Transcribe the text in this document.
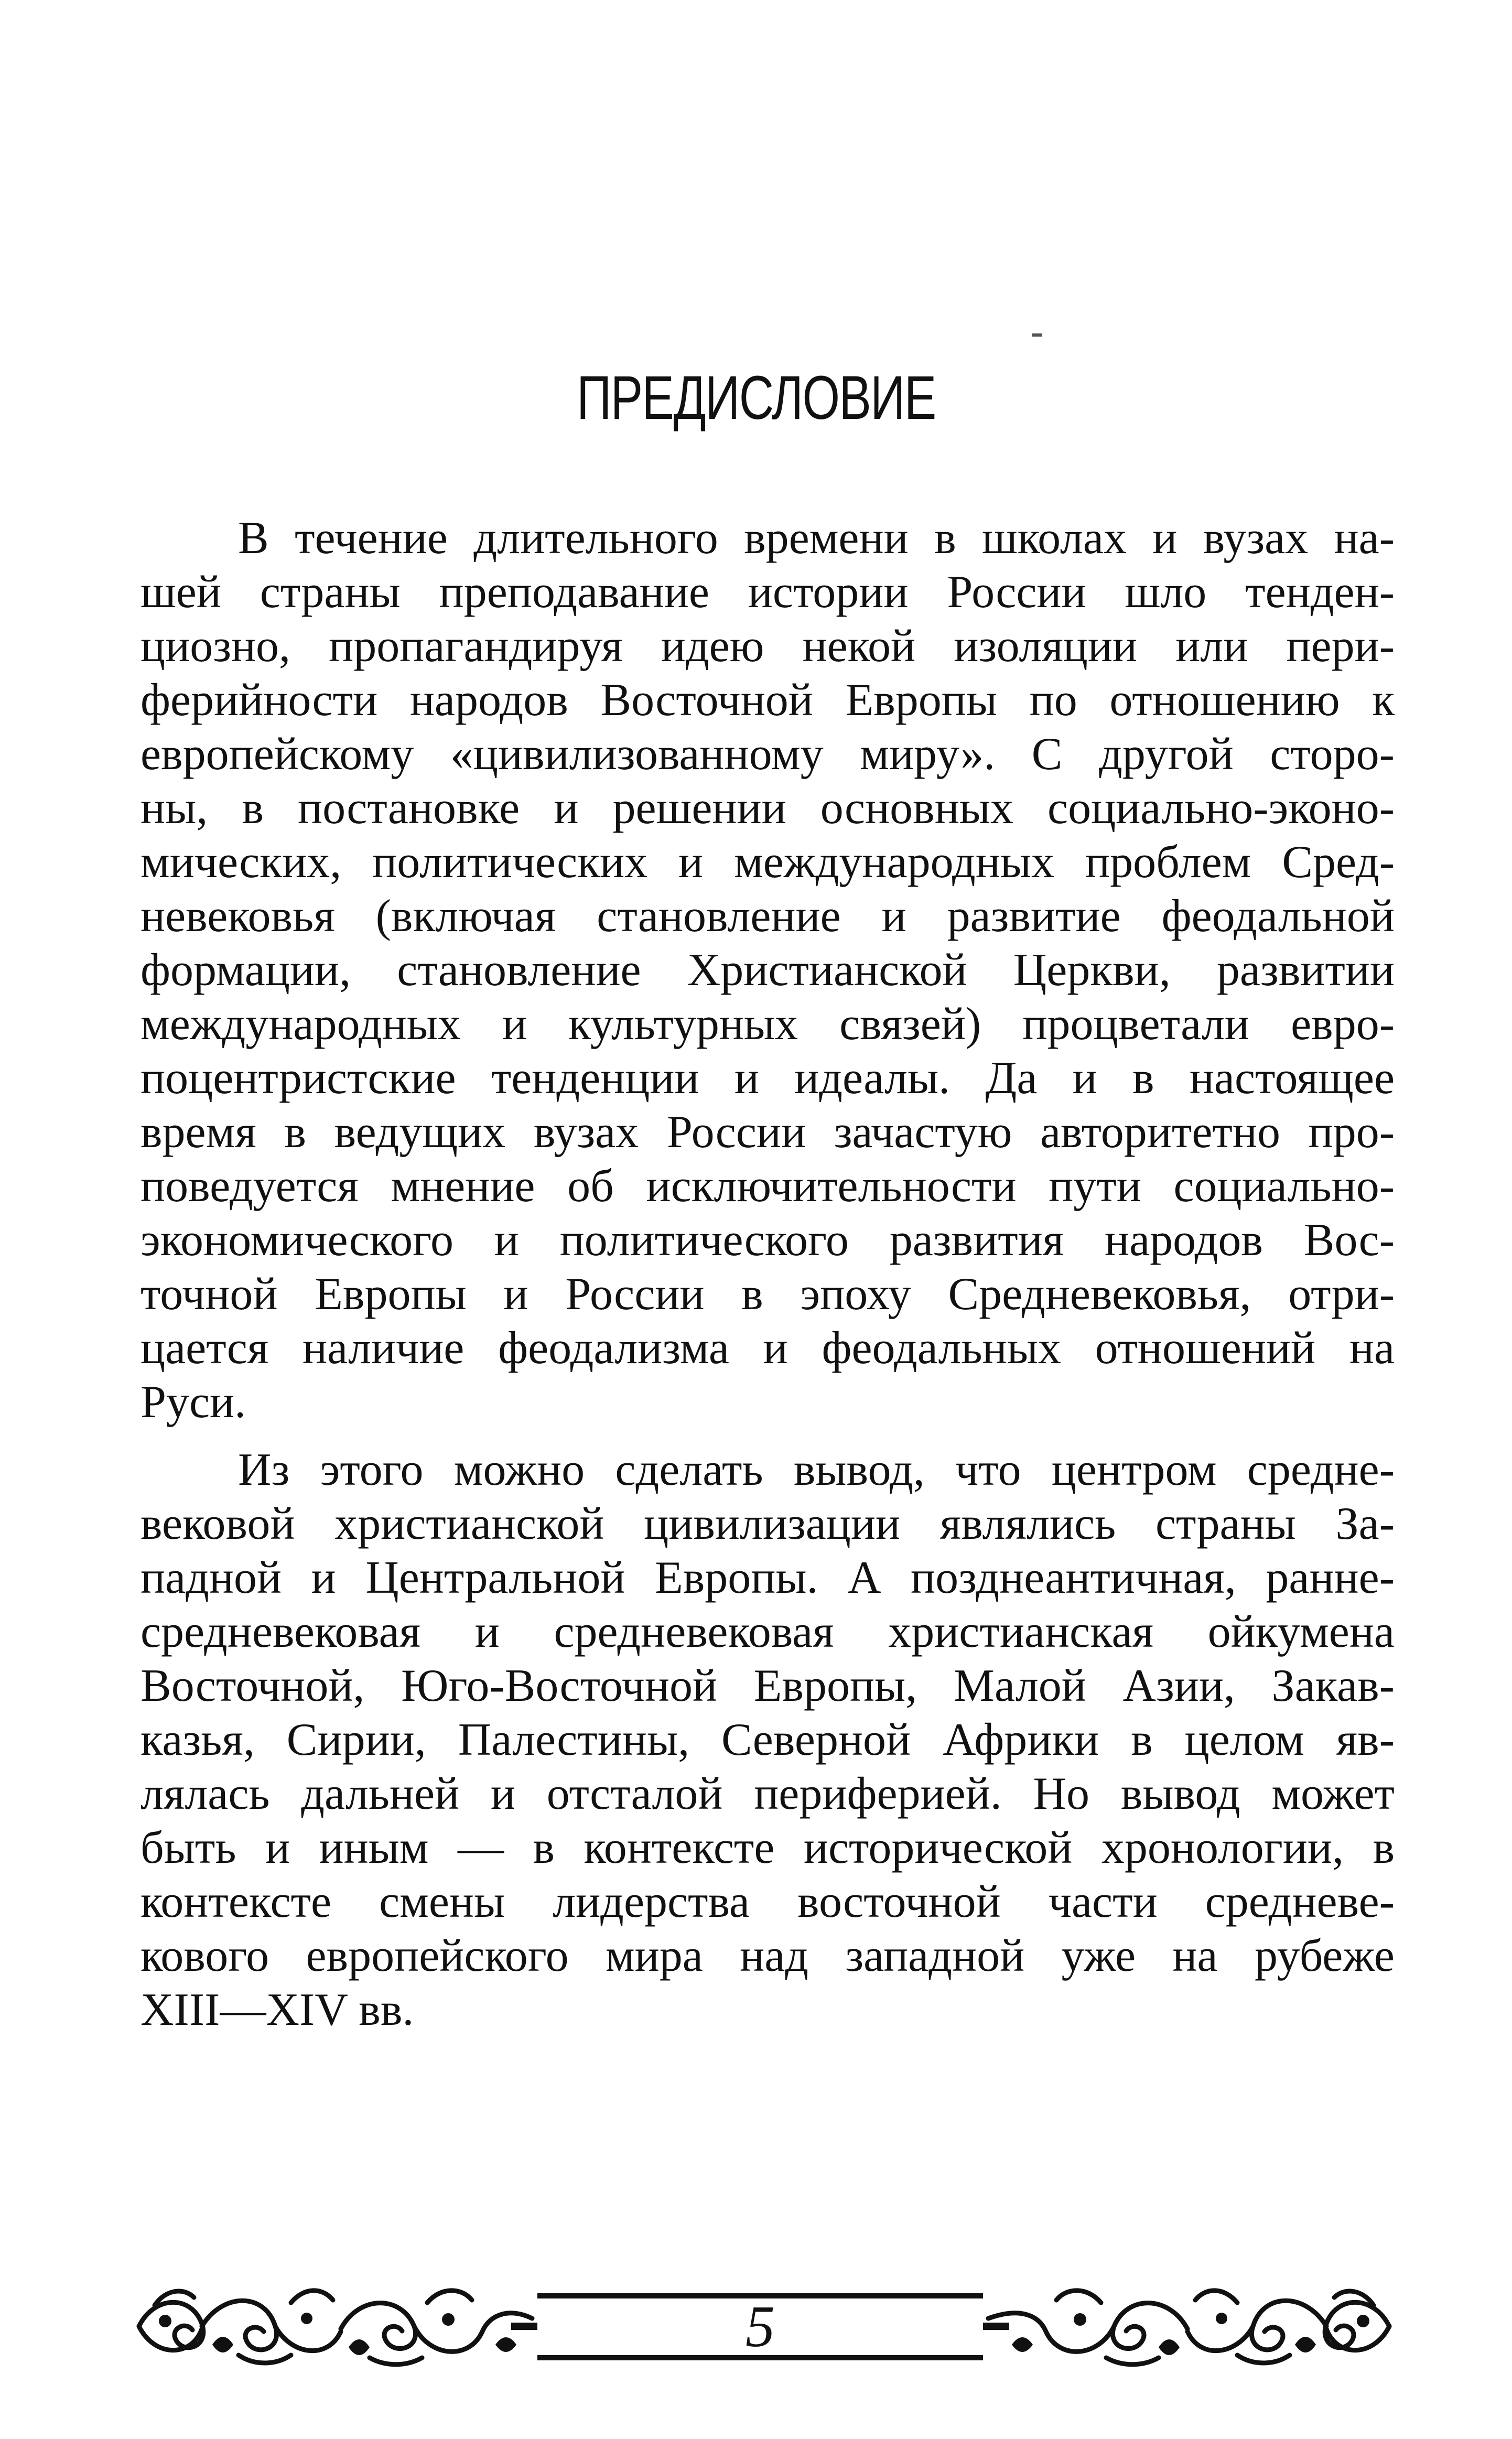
ПРЕДИСЛОВИЕ
В течение длительного времени в школах и вузах на-
шей страны преподавание истории России шло тенден-
циозно, пропагандируя идею некой изоляции или пери-
ферийности народов Восточной Европы по отношению к
европейскому «цивилизованному миру». С другой сторо-
ны, в постановке и решении основных социально-эконо-
мических, политических и международных проблем Сред-
невековья (включая становление и развитие феодальной
формации, становление Христианской Церкви, развитии
международных и культурных связей) процветали евро-
поцентристские тенденции и идеалы. Да и в настоящее
время в ведущих вузах России зачастую авторитетно про-
поведуется мнение об исключительности пути социально-
экономического и политического развития народов Вос-
точной Европы и России в эпоху Средневековья, отри-
цается наличие феодализма и феодальных отношений на
Руси.
Из этого можно сделать вывод, что центром средне-
вековой христианской цивилизации являлись страны За-
падной и Центральной Европы. А позднеантичная, ранне-
средневековая и средневековая христианская ойкумена
Восточной, Юго-Восточной Европы, Малой Азии, Закав-
казья, Сирии, Палестины, Северной Африки в целом яв-
лялась дальней и отсталой периферией. Но вывод может
быть и иным — в контексте исторической хронологии, в
контексте смены лидерства восточной части средневе-
кового европейского мира над западной уже на рубеже
XIII—XIV вв.
5
